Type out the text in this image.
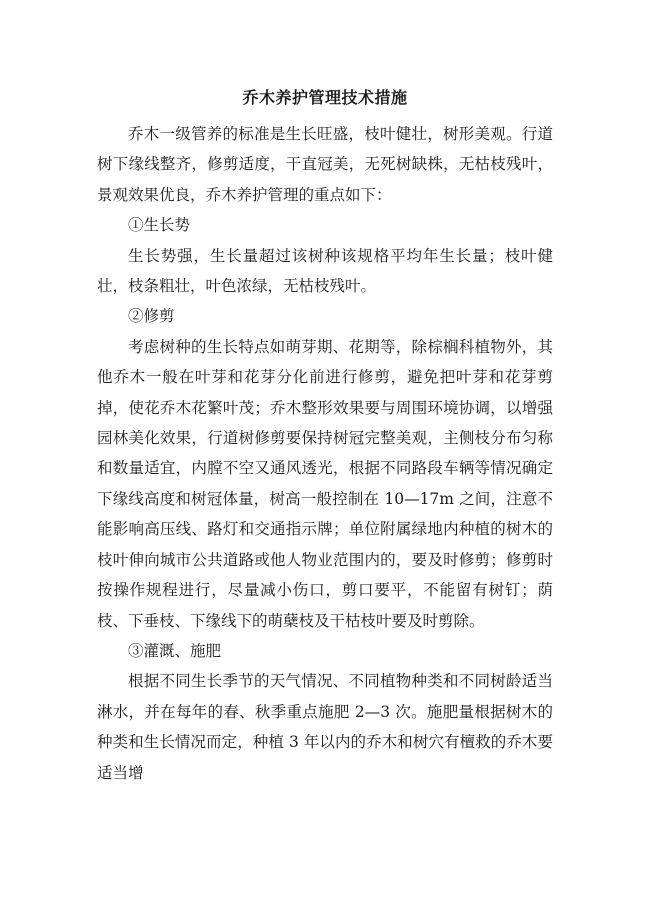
乔木养护管理技术措施

乔木一级管养的标准是生长旺盛，枝叶健壮，树形美观。行道树下缘线整齐，修剪适度，干直冠美，无死树缺株，无枯枝残叶，景观效果优良，乔木养护管理的重点如下：

①生长势

生长势强，生长量超过该树种该规格平均年生长量；枝叶健壮，枝条粗壮，叶色浓绿，无枯枝残叶。

②修剪

考虑树种的生长特点如萌芽期、花期等，除棕榈科植物外，其他乔木一般在叶芽和花芽分化前进行修剪，避免把叶芽和花芽剪掉，使花乔木花繁叶茂；乔木整形效果要与周围环境协调，以增强园林美化效果，行道树修剪要保持树冠完整美观，主侧枝分布匀称和数量适宜，内膛不空又通风透光，根据不同路段车辆等情况确定下缘线高度和树冠体量，树高一般控制在 10—17m 之间，注意不能影响高压线、路灯和交通指示牌；单位附属绿地内种植的树木的枝叶伸向城市公共道路或他人物业范围内的，要及时修剪；修剪时按操作规程进行，尽量减小伤口，剪口要平，不能留有树钉；荫枝、下垂枝、下缘线下的萌蘖枝及干枯枝叶要及时剪除。

③灌溉、施肥

根据不同生长季节的天气情况、不同植物种类和不同树龄适当淋水，并在每年的春、秋季重点施肥 2—3 次。施肥量根据树木的种类和生长情况而定，种植 3 年以内的乔木和树穴有檀救的乔木要适当增
